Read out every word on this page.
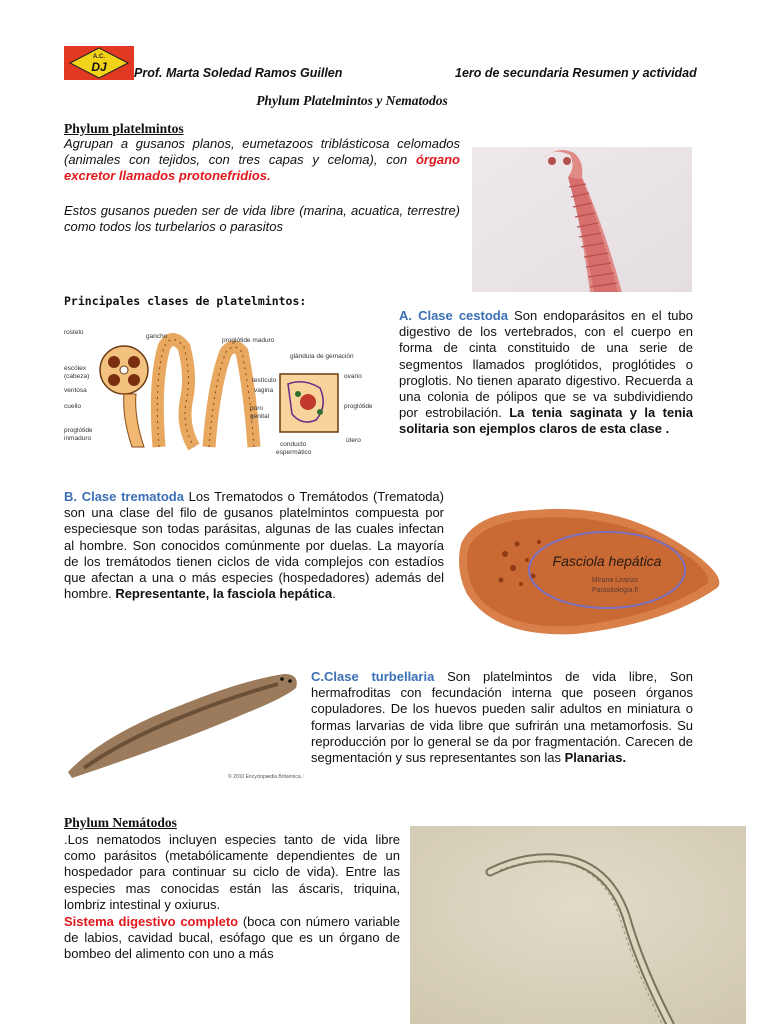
A.C.
DJ Prof. Marta Soledad Ramos Guillen	1ero de secundaria Resumen y actividad
Phylum Platelmintos y Nematodos
Phylum platelmintos

Agrupan a gusanos planos, eumetazoos triblásticosa celomados (animales con tejidos, con tres capas y celoma), con órgano excretor llamados protonefridios.

Estos gusanos pueden ser de vida libre (marina, acuatica, terrestre) como todos los turbelarios o parasitos

Principales clases de platelmintos:
rostelo
gancho
proglótide maduro
escólex
(cabeza)
ventosa
cuello
proglótide
inmaduro
glándula de gemación
testículo
vagina
ovario
poro
genital
proglótide
útero
conducto
espermático

A. Clase cestoda Son endoparásitos en el tubo digestivo de los vertebrados, con el cuerpo en forma de cinta constituido de una serie de segmentos llamados proglótidos, proglótides o proglotis. No tienen aparato digestivo. Recuerda a una colonia de pólipos que se va subdividiendo por estrobilación. La tenia saginata y la tenia solitaria son ejemplos claros de esta clase .

B. Clase trematoda Los Trematodos o Tremátodos (Trematoda) son una clase del filo de gusanos platelmintos compuesta por especiesque son todas parásitas, algunas de las cuales infectan al hombre. Son conocidos comúnmente por duelas. La mayoría de los tremátodos tienen ciclos de vida complejos con estadíos que afectan a una o más especies (hospedadores) además del hombre. Representante, la fasciola hepática.

Fasciola hepática
Mirana Liranzo
Parasitologia.fi
© 2010 Encyclopædia Britannica, Inc.

C.Clase turbellaria Son platelmintos de vida libre, Son hermafroditas con fecundación interna que poseen órganos copuladores. De los huevos pueden salir adultos en miniatura o formas larvarias de vida libre que sufrirán una metamorfosis. Su reproducción por lo general se da por fragmentación. Carecen de segmentación y sus representantes son las Planarias.

Phylum Nemátodos

.Los nematodos incluyen especies tanto de vida libre como parásitos (metabólicamente dependientes de un hospedador para continuar su ciclo de vida). Entre las especies mas conocidas están las áscaris, triquina, lombriz intestinal y oxiurus.

Sistema digestivo completo (boca con número variable de labios, cavidad bucal, esófago que es un órgano de bombeo del alimento con uno a más
